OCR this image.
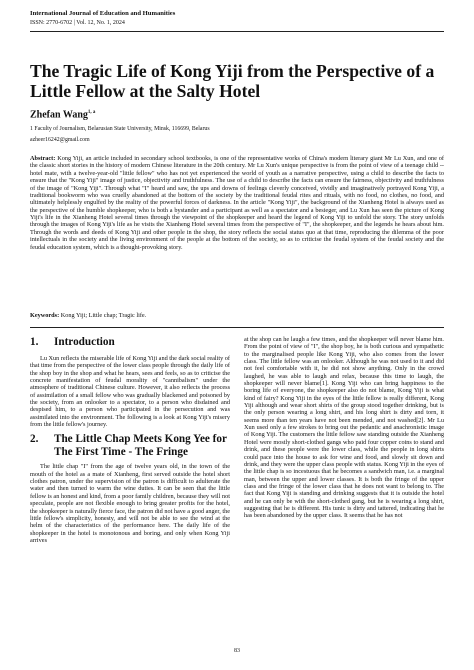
International Journal of Education and Humanities
ISSN: 2770-6702 | Vol. 12, No. 1, 2024
The Tragic Life of Kong Yiji from the Perspective of a Little Fellow at the Salty Hotel
Zhefan Wang$^{1, a}$
1 Faculty of Journalism, Belarusian State University, Minsk, 116699, Belarus
azheer16242@gmail.com

Abstract: Kong Yiji, an article included in secondary school textbooks, is one of the representative works of China's modern literary giant Mr Lu Xun, and one of the classic short stories in the history of modern Chinese literature in the 20th century. Mr Lu Xun's unique perspective is from the point of view of a teenage child -- hotel mate, with a twelve-year-old "little fellow" who has not yet experienced the world of youth as a narrative perspective, using a child to describe the facts to ensure that the "Kong Yiji" image of justice, objectivity and truthfulness. The use of a child to describe the facts can ensure the fairness, objectivity and truthfulness of the image of "Kong Yiji". Through what "I" heard and saw, the ups and downs of feelings cleverly conceived, vividly and imaginatively portrayed Kong Yiji, a traditional bookworm who was cruelly abandoned at the bottom of the society by the traditional feudal rites and rituals, with no food, no clothes, no food, and ultimately helplessly engulfed by the reality of the powerful forces of darkness. In the article "Kong Yiji", the background of the Xianheng Hotel is always used as the perspective of the humble shopkeeper, who is both a bystander and a participant as well as a spectator and a besieger, and Lu Xun has seen the picture of Kong Yiji's life in the Xianheng Hotel several times through the viewpoint of the shopkeeper and heard the legend of Kong Yiji to unfold the story. The story unfolds through the images of Kong Yiji's life as he visits the Xianheng Hotel several times from the perspective of "I", the shopkeeper, and the legends he hears about him. Through the words and deeds of Kong Yiji and other people in the shop, the story reflects the social status quo at that time, reproducing the dilemma of the poor intellectuals in the society and the living environment of the people at the bottom of the society, so as to criticise the feudal system of the feudal society and the feudal education system, which is a thought-provoking story.

Keywords: Kong Yiji; Little chap; Tragic life.
1. Introduction

Lu Xun reflects the miserable life of Kong Yiji and the dark social reality of that time from the perspective of the lower class people through the daily life of the shop boy in the shop and what he hears, sees and feels, so as to criticise the concrete manifestation of feudal morality of "cannibalism" under the atmosphere of traditional Chinese culture. However, it also reflects the process of assimilation of a small fellow who was gradually blackened and poisoned by the society, from an onlooker to a spectator, to a person who disdained and despised him, to a person who participated in the persecution and was assimilated into the environment. The following is a look at Kong Yiji's misery from the little fellow's journey.

2.	The Little Chap Meets Kong Yee for The First Time - The Fringe

The little chap "I" from the age of twelve years old, in the town of the mouth of the hotel as a mate of Xianheng, first served outside the hotel short clothes patron, under the supervision of the patron is difficult to adulterate the water and then turned to warm the wine duties. It can be seen that the little fellow is an honest and kind, from a poor family children, because they will not speculate, people are not flexible enough to bring greater profits for the hotel, the shopkeeper is naturally fierce face, the patron did not have a good anger, the little fellow's simplicity, honesty, and will not be able to see the wind at the helm of the characteristics of the performance here. The daily life of the shopkeeper in the hotel is monotonous and boring, and only when Kong Yiji arrives

at the shop can he laugh a few times, and the shopkeeper will never blame him. From the point of view of "I", the shop boy, he is both curious and sympathetic to the marginalised people like Kong Yiji, who also comes from the lower class. The little fellow was an onlooker. Although he was not used to it and did not feel comfortable with it, he did not show anything. Only in the crowd laughed, he was able to laugh and relax, because this time to laugh, the shopkeeper will never blame[1]. Kong Yiji who can bring happiness to the boring life of everyone, the shopkeeper also do not blame, Kong Yiji is what kind of fairy? Kong Yiji in the eyes of the little fellow is really different, Kong Yiji although and wear short shirts of the group stood together drinking, but is the only person wearing a long shirt, and his long shirt is dirty and torn, it seems more than ten years have not been mended, and not washed[2]. Mr Lu Xun used only a few strokes to bring out the pedantic and anachronistic image of Kong Yiji. The customers the little fellow saw standing outside the Xianheng Hotel were mostly short-clothed gangs who paid four copper coins to stand and drink, and these people were the lower class, while the people in long shirts could pace into the house to ask for wine and food, and slowly sit down and drink, and they were the upper class people with status. Kong Yiji in the eyes of the little chap is so incestuous that he becomes a sandwich man, i.e. a marginal man, between the upper and lower classes. It is both the fringe of the upper class and the fringe of the lower class that he does not want to belong to. The fact that Kong Yiji is standing and drinking suggests that it is outside the hotel and he can only be with the short-clothed gang, but he is wearing a long shirt, suggesting that he is different. His tunic is dirty and tattered, indicating that he has been abandoned by the upper class. It seems that he has not

83
